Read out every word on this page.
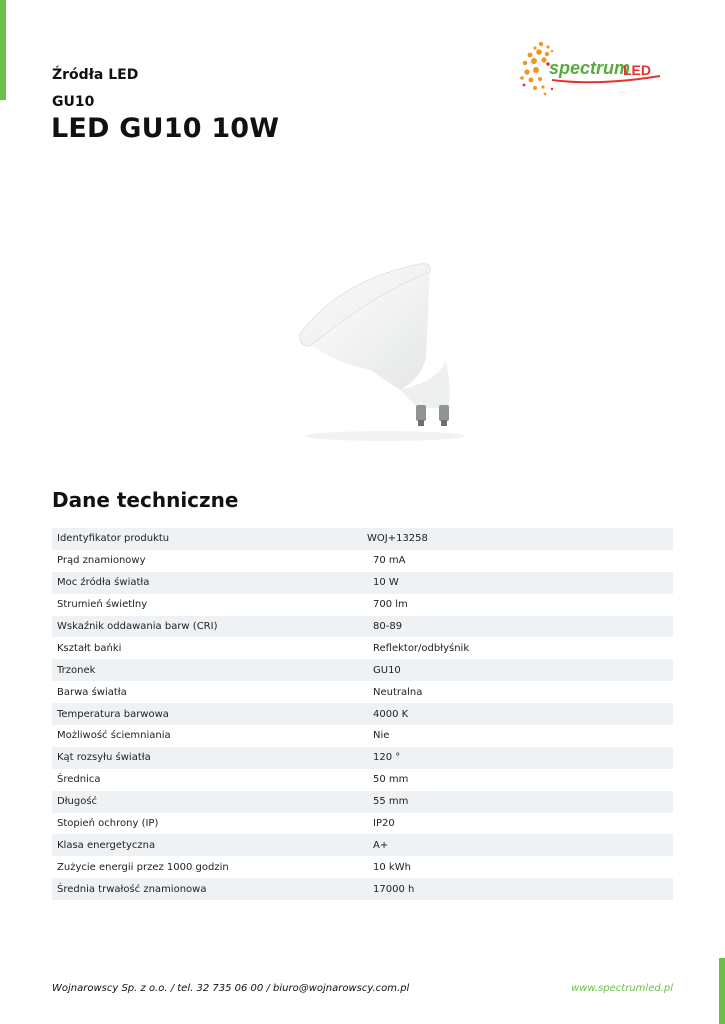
Źródła LED
GU10
LED GU10 10W
spectrum
LED
Dane techniczne
Identyfikator produktu	WOJ+13258
Prąd znamionowy	70 mA
Moc źródła światła	10 W
Strumień świetlny	700 lm
Wskaźnik oddawania barw (CRI)	80-89
Kształt bańki	Reflektor/odbłyśnik
Trzonek	GU10
Barwa światła	Neutralna
Temperatura barwowa	4000 K
Możliwość ściemniania	Nie
Kąt rozsyłu światła	120 °
Średnica	50 mm
Długość	55 mm
Stopień ochrony (IP)	IP20
Klasa energetyczna	A+
Zużycie energii przez 1000 godzin	10 kWh
Średnia trwałość znamionowa	17000 h
Wojnarowscy Sp. z o.o. / tel. 32 735 06 00 / biuro@wojnarowscy.com.pl	www.spectrumled.pl
